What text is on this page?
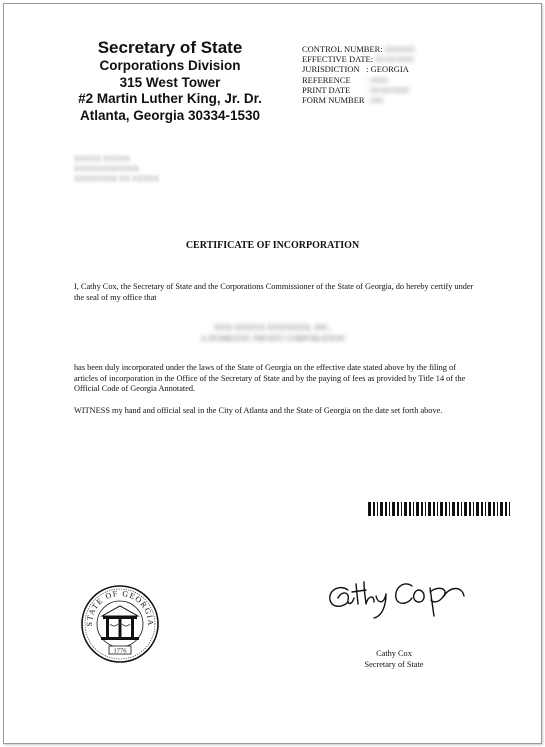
Secretary of State
Corporations Division
315 West Tower
#2 Martin Luther King, Jr. Dr.
Atlanta, Georgia 30334-1530
CONTROL NUMBER: 0000000
EFFECTIVE DATE: 00/00/0000
JURISDICTION : GEORGIA
REFERENCE : 0000
PRINT DATE : 00/00/0000
FORM NUMBER : 000
XXXXX XXXXX
XXXXXXXXXXXX
XXXXXXXX XX XXXXX
CERTIFICATE OF INCORPORATION
I, Cathy Cox, the Secretary of State and the Corporations Commissioner of the State of Georgia, do hereby certify under
the seal of my office that
XXX XXXXX XXXXXXX, INC.
A DOMESTIC PROFIT CORPORATION
has been duly incorporated under the laws of the State of Georgia on the effective date stated above by the filing of
articles of incorporation in the Office of the Secretary of State and by the paying of fees as provided by Title 14 of the
Official Code of Georgia Annotated.
WITNESS my hand and official seal in the City of Atlanta and the State of Georgia on the date set forth above.
STATE OF GEORGIA
1776	Cathy Cox
Secretary of State
